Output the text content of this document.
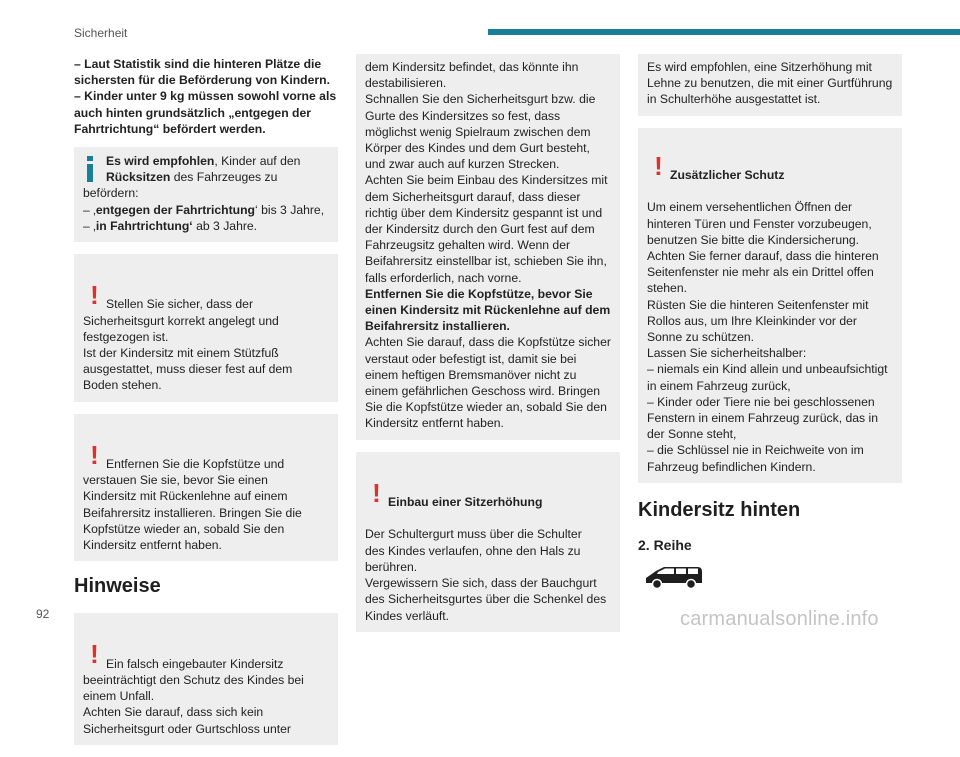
Sicherheit

– Laut Statistik sind die hinteren Plätze die sichersten für die Beförderung von Kindern.
– Kinder unter 9 kg müssen sowohl vorne als auch hinten grundsätzlich „entgegen der Fahrtrichtung“ befördert werden.

Es wird empfohlen, Kinder auf den
Rücksitzen des Fahrzeuges zu
befördern:
– ‚entgegen der Fahrtrichtung‘ bis 3 Jahre,
– ‚in Fahrtrichtung‘ ab 3 Jahre.

! Stellen Sie sicher, dass der
Sicherheitsgurt korrekt angelegt und
festgezogen ist.
Ist der Kindersitz mit einem Stützfuß ausgestattet, muss dieser fest auf dem Boden stehen.

! Entfernen Sie die Kopfstütze und
verstauen Sie sie, bevor Sie einen
Kindersitz mit Rückenlehne auf einem Beifahrersitz installieren. Bringen Sie die Kopfstütze wieder an, sobald Sie den Kindersitz entfernt haben.

Hinweise

! Ein falsch eingebauter Kindersitz
beeinträchtigt den Schutz des Kindes bei
einem Unfall.
Achten Sie darauf, dass sich kein Sicherheitsgurt oder Gurtschloss unter

dem Kindersitz befindet, das könnte ihn destabilisieren.
Schnallen Sie den Sicherheitsgurt bzw. die Gurte des Kindersitzes so fest, dass möglichst wenig Spielraum zwischen dem Körper des Kindes und dem Gurt besteht, und zwar auch auf kurzen Strecken.
Achten Sie beim Einbau des Kindersitzes mit dem Sicherheitsgurt darauf, dass dieser richtig über dem Kindersitz gespannt ist und der Kindersitz durch den Gurt fest auf dem Fahrzeugsitz gehalten wird. Wenn der Beifahrersitz einstellbar ist, schieben Sie ihn, falls erforderlich, nach vorne.

Entfernen Sie die Kopfstütze, bevor Sie einen Kindersitz mit Rückenlehne auf dem Beifahrersitz installieren.

Achten Sie darauf, dass die Kopfstütze sicher verstaut oder befestigt ist, damit sie bei einem heftigen Bremsmanöver nicht zu einem gefährlichen Geschoss wird. Bringen Sie die Kopfstütze wieder an, sobald Sie den Kindersitz entfernt haben.

! Einbau einer Sitzerhöhung

Der Schultergurt muss über die Schulter
des Kindes verlaufen, ohne den Hals zu berühren.
Vergewissern Sie sich, dass der Bauchgurt des Sicherheitsgurtes über die Schenkel des Kindes verläuft.

Es wird empfohlen, eine Sitzerhöhung mit Lehne zu benutzen, die mit einer Gurtführung in Schulterhöhe ausgestattet ist.

! Zusätzlicher Schutz

Um einem versehentlichen Öffnen der
hinteren Türen und Fenster vorzubeugen, benutzen Sie bitte die Kindersicherung.
Achten Sie ferner darauf, dass die hinteren Seitenfenster nie mehr als ein Drittel offen stehen.
Rüsten Sie die hinteren Seitenfenster mit Rollos aus, um Ihre Kleinkinder vor der Sonne zu schützen.
Lassen Sie sicherheitshalber:
– niemals ein Kind allein und unbeaufsichtigt in einem Fahrzeug zurück,
– Kinder oder Tiere nie bei geschlossenen Fenstern in einem Fahrzeug zurück, das in der Sonne steht,
– die Schlüssel nie in Reichweite von im Fahrzeug befindlichen Kindern.

Kindersitz hinten
2. Reihe
92	carmanualsonline.info
